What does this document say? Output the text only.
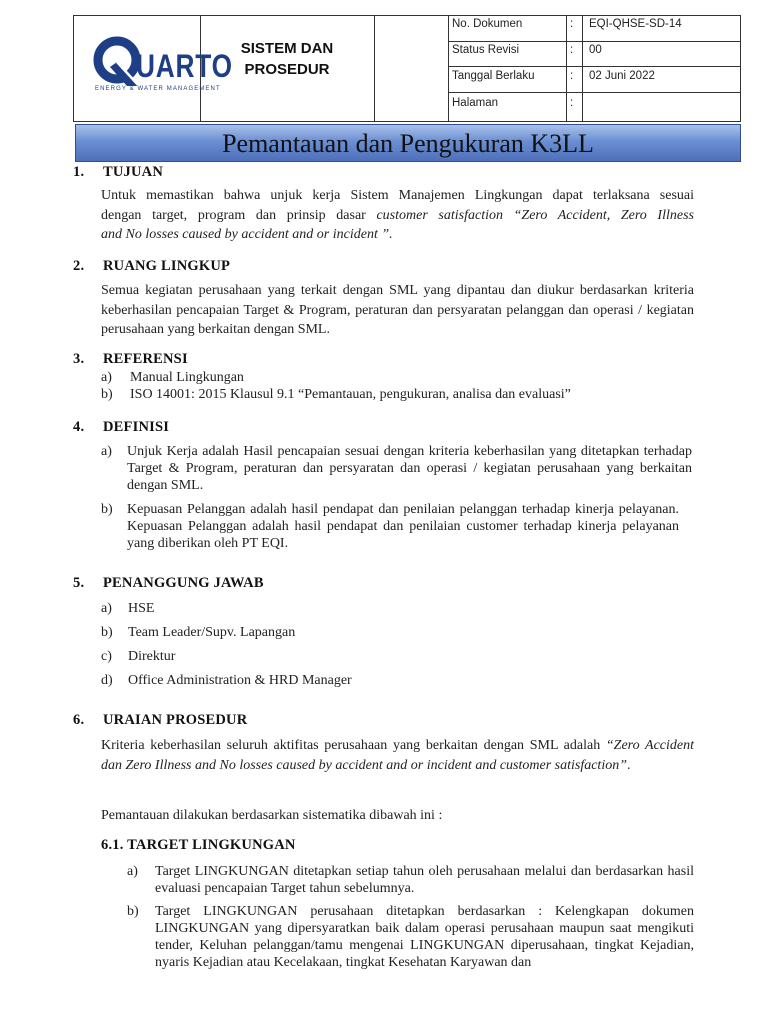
UARTO
ENERGY & WATER MANAGEMENT
SISTEM DAN
PROSEDUR
No. Dokumen	: EQI-QHSE-SD-14
Status Revisi	: 00
Tanggal Berlaku	: 02 Juni 2022
Halaman	:
Pemantauan dan Pengukuran K3LL
1. TUJUAN
Untuk memastikan bahwa unjuk kerja Sistem Manajemen Lingkungan dapat terlaksana sesuai
dengan target, program dan prinsip dasar customer satisfaction “Zero Accident, Zero Illness
and No losses caused by accident and or incident ”.
2. RUANG LINGKUP
Semua kegiatan perusahaan yang terkait dengan SML yang dipantau dan diukur berdasarkan kriteria keberhasilan pencapaian Target & Program, peraturan dan persyaratan pelanggan dan operasi / kegiatan perusahaan yang berkaitan dengan SML.
3. REFERENSI
a) Manual Lingkungan
b) ISO 14001: 2015 Klausul 9.1 “Pemantauan, pengukuran, analisa dan evaluasi”
4. DEFINISI
a) Unjuk Kerja adalah Hasil pencapaian sesuai dengan kriteria keberhasilan yang ditetapkan terhadap Target & Program, peraturan dan persyaratan dan operasi / kegiatan perusahaan yang berkaitan dengan SML.
b) Kepuasan Pelanggan adalah hasil pendapat dan penilaian pelanggan terhadap kinerja pelayanan. Kepuasan Pelanggan adalah hasil pendapat dan penilaian customer terhadap kinerja pelayanan yang diberikan oleh PT EQI.
5. PENANGGUNG JAWAB
a) HSE
b) Team Leader/Supv. Lapangan
c) Direktur
d) Office Administration & HRD Manager
6. URAIAN PROSEDUR
Kriteria keberhasilan seluruh aktifitas perusahaan yang berkaitan dengan SML adalah “Zero Accident dan Zero Illness and No losses caused by accident and or incident and customer satisfaction”.
Pemantauan dilakukan berdasarkan sistematika dibawah ini :
6.1. TARGET LINGKUNGAN
a) Target LINGKUNGAN ditetapkan setiap tahun oleh perusahaan melalui dan berdasarkan hasil evaluasi pencapaian Target tahun sebelumnya.
b) Target LINGKUNGAN perusahaan ditetapkan berdasarkan : Kelengkapan dokumen LINGKUNGAN yang dipersyaratkan baik dalam operasi perusahaan maupun saat mengikuti tender, Keluhan pelanggan/tamu mengenai LINGKUNGAN diperusahaan, tingkat Kejadian, nyaris Kejadian atau Kecelakaan, tingkat Kesehatan Karyawan dan
